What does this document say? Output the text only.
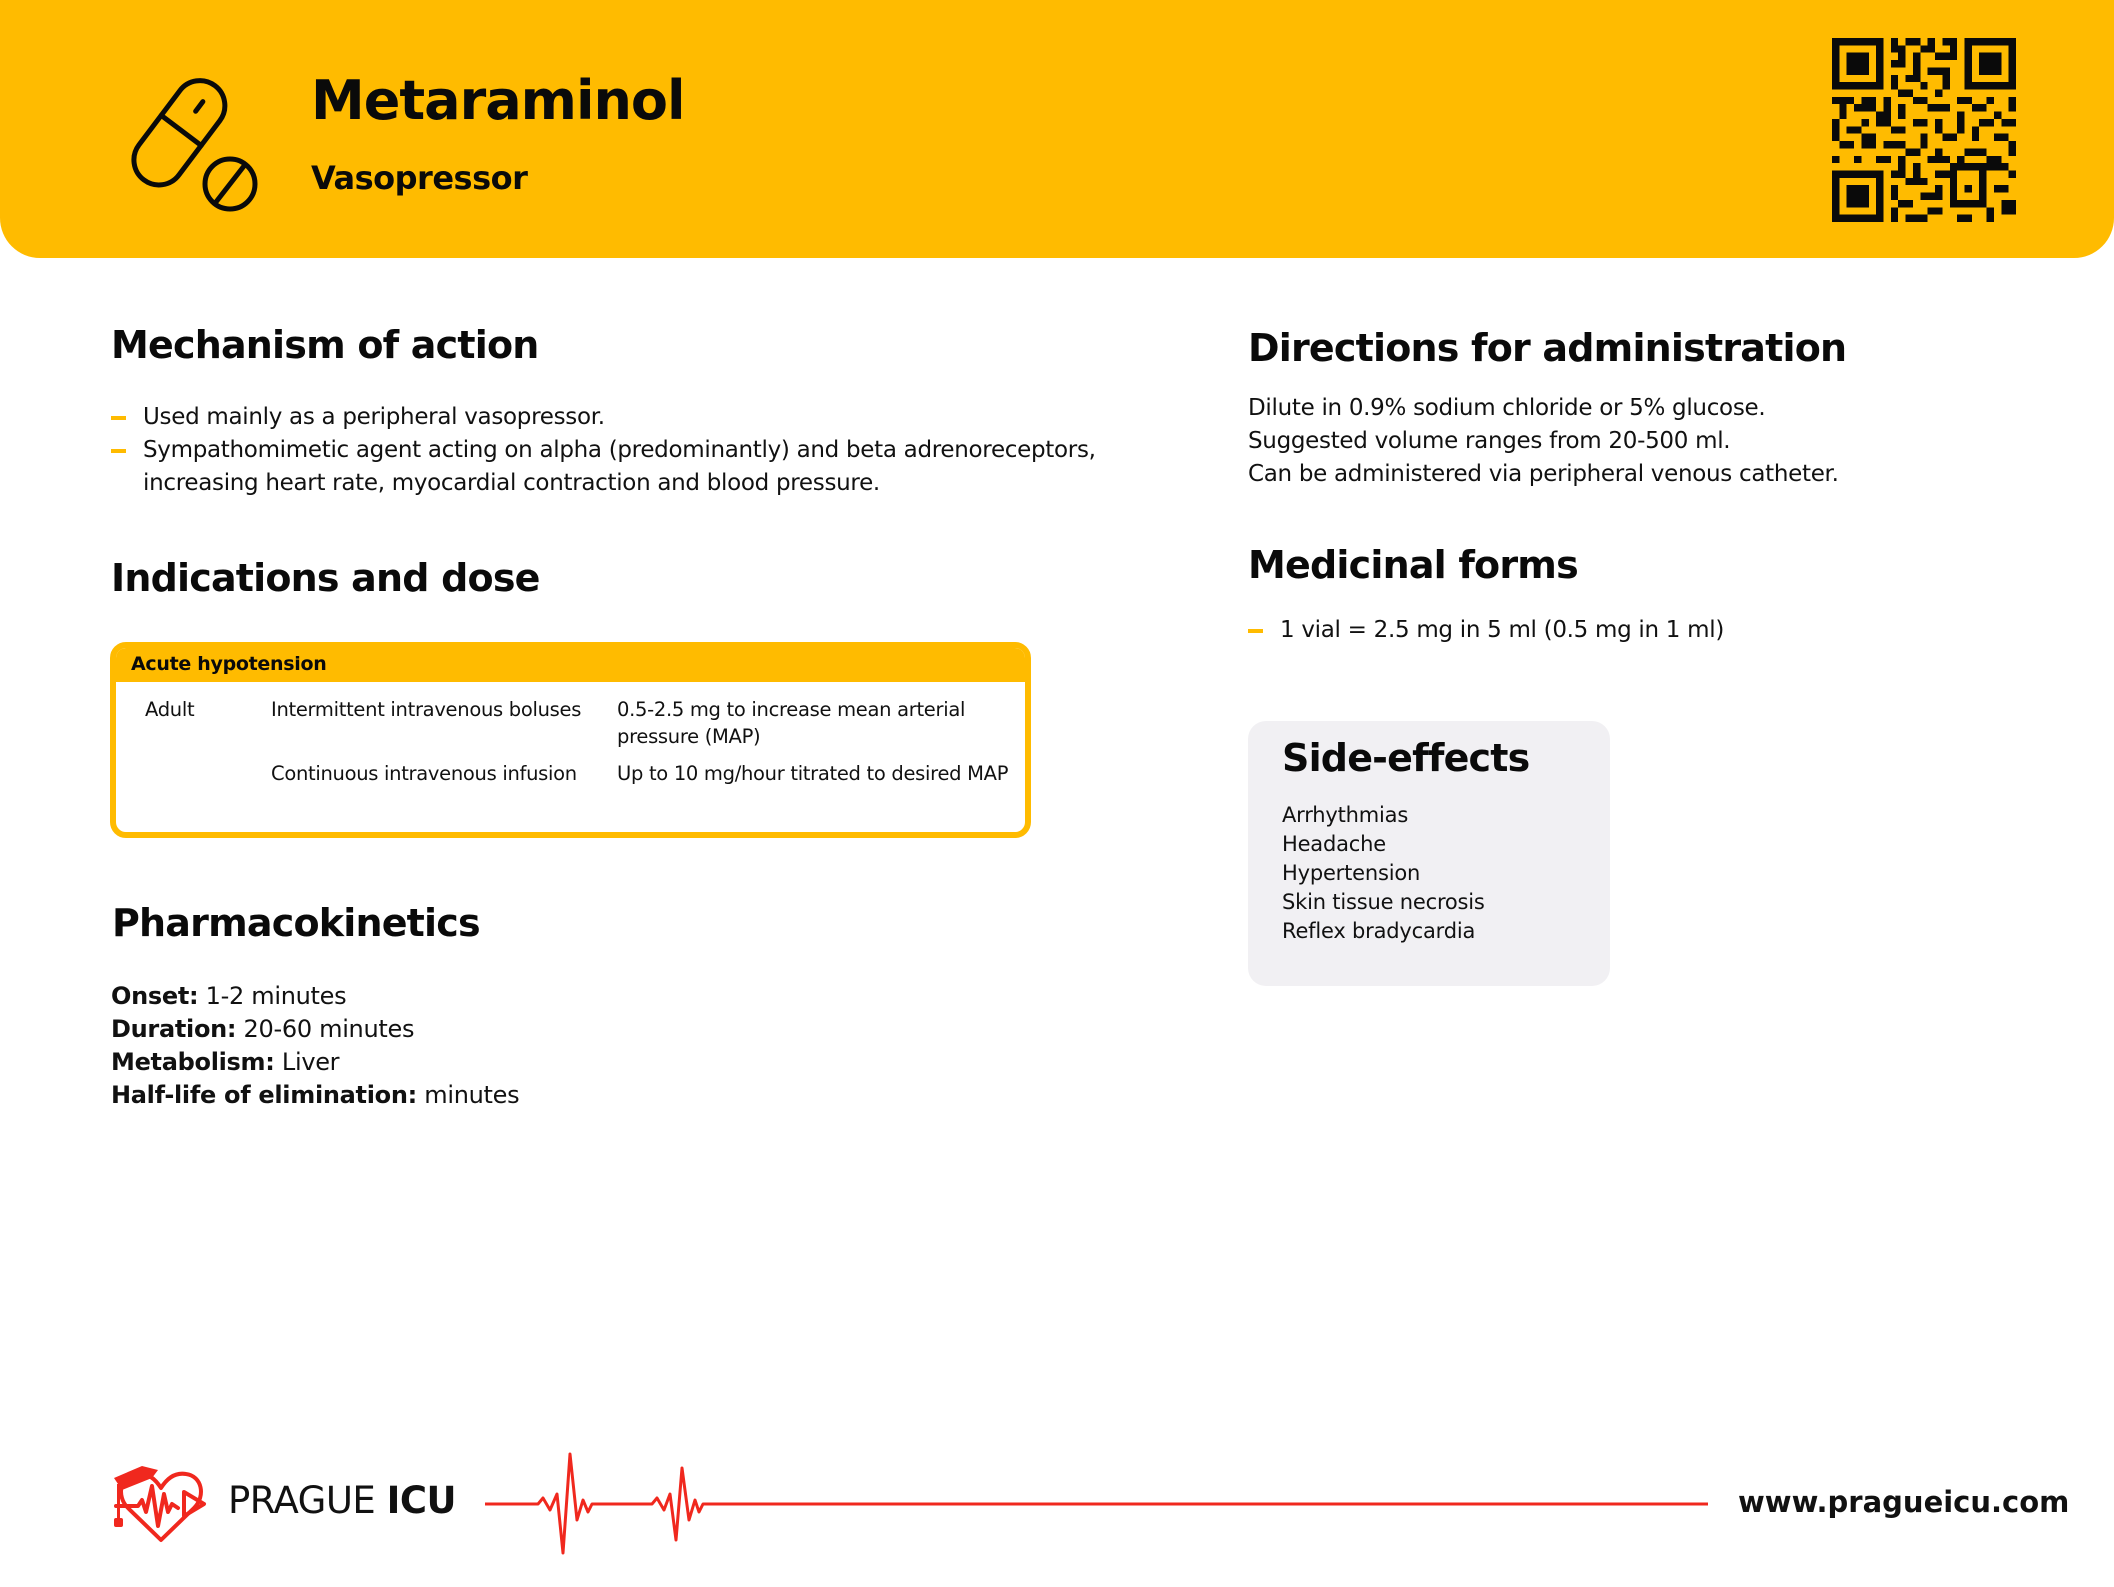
Metaraminol
Vasopressor
Mechanism of action
Used mainly as a peripheral vasopressor.
Sympathomimetic agent acting on alpha (predominantly) and beta adrenoreceptors,
increasing heart rate, myocardial contraction and blood pressure.
Indications and dose
Acute hypotension
Adult	Intermittent intravenous boluses 0.5-2.5 mg to increase mean arterial
pressure (MAP)
Continuous intravenous infusion Up to 10 mg/hour titrated to desired MAP
Pharmacokinetics
Onset: 1-2 minutes
Duration: 20-60 minutes
Metabolism: Liver
Half-life of elimination: minutes
Directions for administration
Dilute in 0.9% sodium chloride or 5% glucose.
Suggested volume ranges from 20-500 ml.
Can be administered via peripheral venous catheter.
Medicinal forms
1 vial = 2.5 mg in 5 ml (0.5 mg in 1 ml)
Side-effects
Arrhythmias
Headache
Hypertension
Skin tissue necrosis
Reflex bradycardia
PRAGUE ICU	www.pragueicu.com
